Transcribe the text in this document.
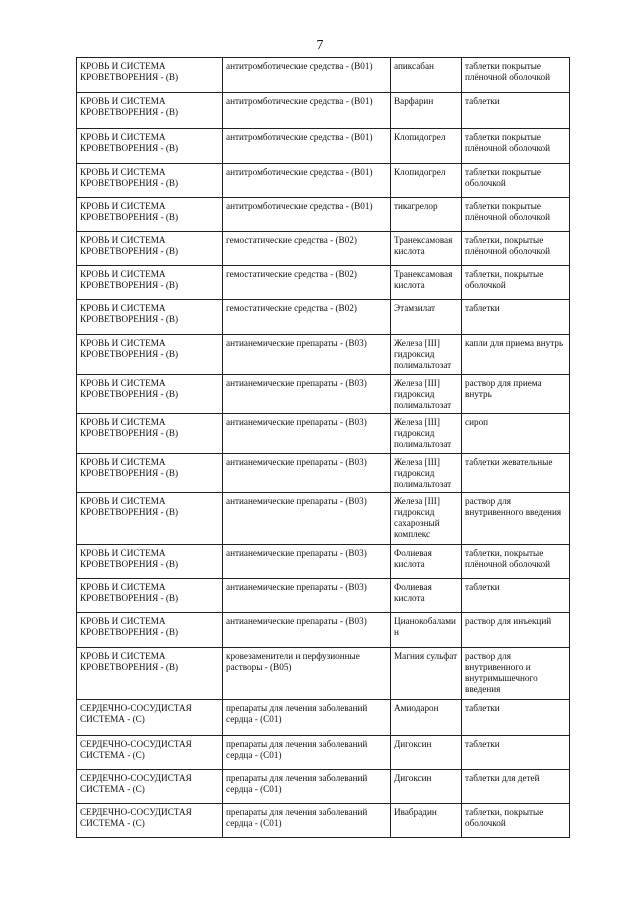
7
КРОВЬ И СИСТЕМА КРОВЕТВОРЕНИЯ - (В)	антитромботические средства - (В01)	апиксабан	таблетки покрытые плёночной оболочкой
КРОВЬ И СИСТЕМА КРОВЕТВОРЕНИЯ - (В)	антитромботические средства - (В01)	Варфарин	таблетки
КРОВЬ И СИСТЕМА КРОВЕТВОРЕНИЯ - (В)	антитромботические средства - (В01)	Клопидогрел	таблетки покрытые плёночной оболочкой
КРОВЬ И СИСТЕМА КРОВЕТВОРЕНИЯ - (В)	антитромботические средства - (В01)	Клопидогрел	таблетки покрытые оболочкой
КРОВЬ И СИСТЕМА КРОВЕТВОРЕНИЯ - (В)	антитромботические средства - (В01)	тикагрелор	таблетки покрытые плёночной оболочкой
КРОВЬ И СИСТЕМА КРОВЕТВОРЕНИЯ - (В)	гемостатические средства - (В02)	Транексамовая кислота	таблетки, покрытые плёночной оболочкой
КРОВЬ И СИСТЕМА КРОВЕТВОРЕНИЯ - (В)	гемостатические средства - (В02)	Транексамовая кислота	таблетки, покрытые оболочкой
КРОВЬ И СИСТЕМА КРОВЕТВОРЕНИЯ - (В)	гемостатические средства - (В02)	Этамзилат	таблетки
КРОВЬ И СИСТЕМА КРОВЕТВОРЕНИЯ - (В)	антианемические препараты - (В03)	Железа [III] гидроксид полимальтозат	капли для приема внутрь
КРОВЬ И СИСТЕМА КРОВЕТВОРЕНИЯ - (В)	антианемические препараты - (В03)	Железа [III] гидроксид полимальтозат	раствор для приема внутрь
КРОВЬ И СИСТЕМА КРОВЕТВОРЕНИЯ - (В)	антианемические препараты - (В03)	Железа [III] гидроксид полимальтозат	сироп
КРОВЬ И СИСТЕМА КРОВЕТВОРЕНИЯ - (В)	антианемические препараты - (В03)	Железа [III] гидроксид полимальтозат	таблетки жевательные
КРОВЬ И СИСТЕМА КРОВЕТВОРЕНИЯ - (В)	антианемические препараты - (В03)	Железа [III] гидроксид сахарозный комплекс	раствор для внутривенного введения
КРОВЬ И СИСТЕМА КРОВЕТВОРЕНИЯ - (В)	антианемические препараты - (В03)	Фолиевая кислота	таблетки, покрытые плёночной оболочкой
КРОВЬ И СИСТЕМА КРОВЕТВОРЕНИЯ - (В)	антианемические препараты - (В03)	Фолиевая кислота	таблетки
КРОВЬ И СИСТЕМА КРОВЕТВОРЕНИЯ - (В)	антианемические препараты - (В03)	Цианокобаламин	раствор для инъекций
КРОВЬ И СИСТЕМА КРОВЕТВОРЕНИЯ - (В)	кровезаменители и перфузионные растворы - (В05)	Магния сульфат	раствор для внутривенного и внутримышечного введения
СЕРДЕЧНО-СОСУДИСТАЯ СИСТЕМА - (С)	препараты для лечения заболеваний сердца - (С01)	Амиодарон	таблетки
СЕРДЕЧНО-СОСУДИСТАЯ СИСТЕМА - (С)	препараты для лечения заболеваний сердца - (С01)	Дигоксин	таблетки
СЕРДЕЧНО-СОСУДИСТАЯ СИСТЕМА - (С)	препараты для лечения заболеваний сердца - (С01)	Дигоксин	таблетки для детей
СЕРДЕЧНО-СОСУДИСТАЯ СИСТЕМА - (С)	препараты для лечения заболеваний сердца - (С01)	Ивабрадин	таблетки, покрытые оболочкой
